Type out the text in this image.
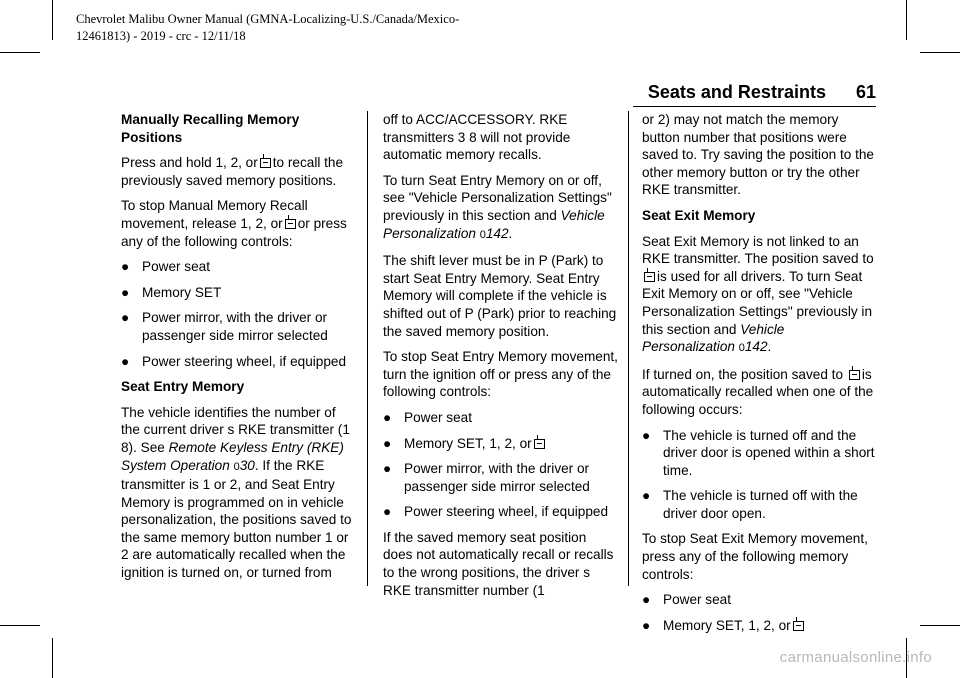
Chevrolet Malibu Owner Manual (GMNA-Localizing-U.S./Canada/Mexico-
12461813) - 2019 - crc - 12/11/18
Seats and Restraints 61

Manually Recalling Memory Positions

Press and hold 1, 2, or to recall the previously saved memory positions.

To stop Manual Memory Recall movement, release 1, 2, or or press any of the following controls:

● Power seat
● Memory SET
● Power mirror, with the driver or passenger side mirror selected
● Power steering wheel, if equipped

Seat Entry Memory

The vehicle identifies the number of the current driver s RKE transmitter (1 8). See Remote Keyless Entry (RKE) System Operation 030. If the RKE transmitter is 1 or 2, and Seat Entry Memory is programmed on in vehicle personalization, the positions saved to the same memory button number 1 or 2 are automatically recalled when the ignition is turned on, or turned from

off to ACC/ACCESSORY. RKE transmitters 3 8 will not provide automatic memory recalls.

To turn Seat Entry Memory on or off, see "Vehicle Personalization Settings" previously in this section and Vehicle Personalization 0142.

The shift lever must be in P (Park) to start Seat Entry Memory. Seat Entry Memory will complete if the vehicle is shifted out of P (Park) prior to reaching the saved memory position.

To stop Seat Entry Memory movement, turn the ignition off or press any of the following controls:

● Power seat
● Memory SET, 1, 2, or
● Power mirror, with the driver or passenger side mirror selected
● Power steering wheel, if equipped

If the saved memory seat position does not automatically recall or recalls to the wrong positions, the driver s RKE transmitter number (1

or 2) may not match the memory button number that positions were saved to. Try saving the position to the other memory button or try the other RKE transmitter.

Seat Exit Memory

Seat Exit Memory is not linked to an RKE transmitter. The position saved tois used for all drivers. To turn Seat Exit Memory on or off, see "Vehicle Personalization Settings" previously in this section and Vehicle Personalization 0142.

If turned on, the position saved to is automatically recalled when one of the following occurs:

● The vehicle is turned off and the driver door is opened within a short time.
● The vehicle is turned off with the driver door open.

To stop Seat Exit Memory movement, press any of the following memory controls:

● Power seat
● Memory SET, 1, 2, or
carmanualsonline.info
